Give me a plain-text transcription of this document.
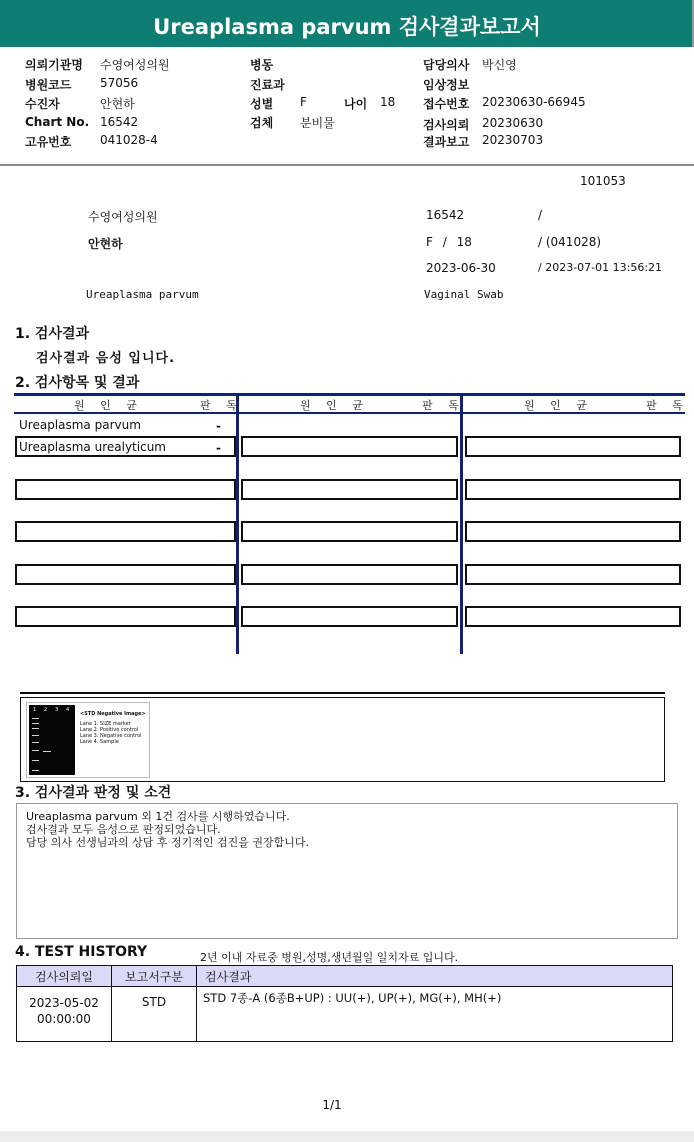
Ureaplasma parvum 검사결과보고서
의뢰기관명 수영여성의원
병원코드 57056
수진자	안현하
Chart No. 16542
고유번호 041028-4
병동
진료과
성별 F	나이 18
검체 분비물
담당의사 박신영
임상정보
접수번호 20230630-66945
검사의뢰 20230630
결과보고 20230703
101053
수영여성의원	16542	/
안현하	F / 18	/ (041028)
2023-06-30	/ 2023-07-01 13:56:21
Ureaplasma parvum	Vaginal Swab
1. 검사결과
검사결과 음성 입니다.
2. 검사항목 및 결과
원 인 균	판 독	원 인 균	판 독	원 인 균	판 독
Ureaplasma parvum	-
Ureaplasma urealyticum	-
1 2 3 4
<STD Negative Image>
Lane 1. SIZE marker
Lane 2. Positive control
Lane 3. Negative control
Lane 4. Sample
3. 검사결과 판정 및 소견
Ureaplasma parvum 외 1건 검사를 시행하였습니다.
검사결과 모두 음성으로 판정되었습니다.
담당 의사 선생님과의 상담 후 정기적인 검진을 권장합니다.
4. TEST HISTORY	2년 이내 자료중 병원,성명,생년월일 일치자료 입니다.
검사의뢰일	보고서구분	검사결과

2023-05-02
00:00:00	STD	STD 7종-A (6종B+UP) : UU(+), UP(+), MG(+), MH(+)
1/1
